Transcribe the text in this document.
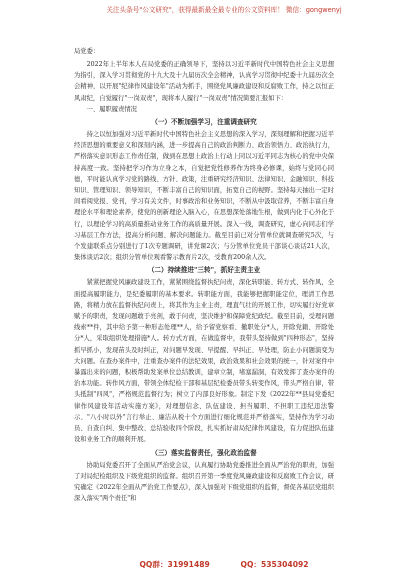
关注头条号"公文研究"，获得最新最全最专业的公文资料库！ 微信：gongwenyj

局党委：

2022年上半年本人在局党委的正确领导下，坚持以习近平新时代中国特色社会主义思想为指引，深入学习贯彻党的十九大及十九届历次全会精神，认真学习贯彻中纪委十九届历次全会精神，以开展"纪律作风建设年"活动为抓手，围绕党风廉政建设和反腐败工作，持之以恒正风肃纪，自觉履行"一岗双责"，现将本人履行"一岗双责"情况简要汇报如下：

一、履职履责情况

（一）不断加强学习，注重调查研究

持之以恒加强对习近平新时代中国特色社会主义思想的深入学习，深刻理解和把握习近平经济思想的重要意义和深刻内涵，进一步提高自己的政治判断力、政治领悟力、政治执行力，严格落实意识形态工作责任制，做到在思想上政治上行动上同以习近平同志为核心的党中央保持高度一致。坚持把学习作为立身之本，自觉把党性修养作为终身必修课，始终与党同心同德，平时能认真学习党的路线、方针、政策，注重研究经济知识、法律知识、金融知识、科技知识、管理知识、领导知识，不断丰富自己的知识面，拓宽自己的视野。坚持每天抽出一定时间看阅党报、党刊，学习有关文件，时事政治和业务知识，不断从中汲取营养，不断丰富自身理论水平和理论素养，使党的创新理论入脑入心，在思想深处落地生根，做到内化于心外化于行，以理论学习的高质量推动业务工作的高质量开展。深入一线，调查研究，虚心向同志们学习基层工作方法，提高分析问题、解决问题能力。截至目前已对分管单位就调查研究5次，与个发建联系点分别进行了1次专题调研，讲党课2次；与分管单位党员干部谈心谈话21人次，集体谈话2次；组织分管单位观看警示教育片2次，受教育200余人次。

（二）持续推进"三转"，抓好主责主业

紧紧把握党风廉政建设工作，紧紧围绕监督执纪问责，深化转职能、转方式、转作风，全面提高履职能力，是纪委履职的基本要求。转职能方面，我能够把握职能定位，理清工作思路，将精力放在监督执纪问责上，将其作为主业主责，理直气壮的开展工作，切实履行好党章赋予的职责，发现问题敢于亮剑，敢于问责，坚决维护和保障党纪政纪。截至目前，受理问题线索**件，其中给予第一种形态处理**人，给予留党察看、撤职处分*人，开除党籍、开除处分*人，采取组织处理措施*人。转方式方面，在做监督中，我带头坚持做到"四种形态"，坚持抓早抓小，发现苗头及时纠正，对问题早发现、早提醒、早纠正、早处理，防止小问题演变为大问题。在查办案件中，注重查办案件的法纪效果，政治效果和社会效果的统一，针对案件中暴露出来的问题，积极帮助发案单位总结教训，建章立制，堵塞漏洞，有效发挥了查办案件的治本功能。转作风方面，带领全体纪检干部和基层纪检委员带头转变作风，带头严格自律，带头抵制"四风"，严格规范监督行为；树立了内部良好形象。制定下发《2022年**县局党委纪律作风建设年活动实施方案》，对理想信念、队伍建设、担当履职、不担职工违纪违法警示、"八小时以外"言行举止、廉洁从税十个方面进行细化规范并严格落实，坚持作为学习动员、自查自纠、集中整改、总结验收四个阶段，扎实抓好肃局纪律作风建设，有力促进队伍建设和业务工作的顺利开展。

（三）落实监督责任，强化政治监督

协助局党委召开了全面从严治党会议，认真履行协助党委推进全面从严治党的职责，加强了对局纪检组织及下级党组织的监督。组织召开第一季度党风廉政建设和反腐败工作会议，研究确定《2022年全面从严治党工作要点》，深入加强对下级党组织的监督，督促各基层党组织深入落实"两个责任"和

QQ群：31991489	QQ：535304092
